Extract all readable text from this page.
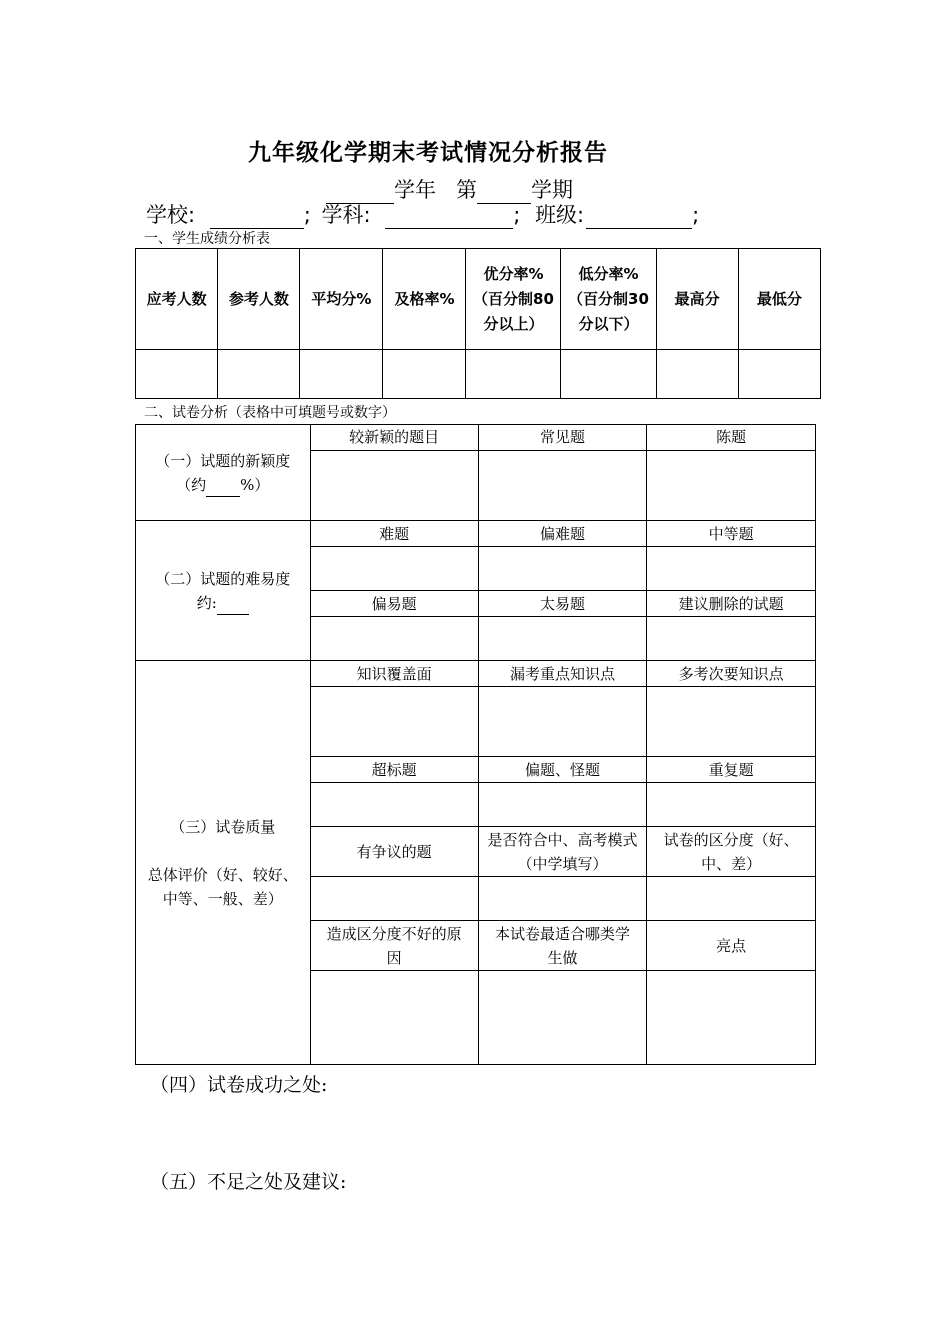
九年级化学期末考试情况分析报告
学年 第	学期
学校:	; 学科:	; 班级:	;
一、学生成绩分析表
应考人数	参考人数	平均分%	及格率%	优分率%（百分制80分以上）	低分率%（百分制30分以下）	最高分	最低分

二、试卷分析（表格中可填题号或数字）
（一）试题的新颖度
（约 %）	较新颖的题目	常见题	陈题

（二）试题的难易度
约:	难题	偏难题	中等题

	偏易题	太易题	建议删除的试题

（三）试卷质量
总体评价（好、较好、中等、一般、差）	知识覆盖面	漏考重点知识点	多考次要知识点

	超标题	偏题、怪题	重复题

	有争议的题	是否符合中、高考模式（中学填写）	试卷的区分度（好、中、差）

	造成区分度不好的原因	本试卷最适合哪类学生做	亮点

（四）试卷成功之处:
（五）不足之处及建议:
